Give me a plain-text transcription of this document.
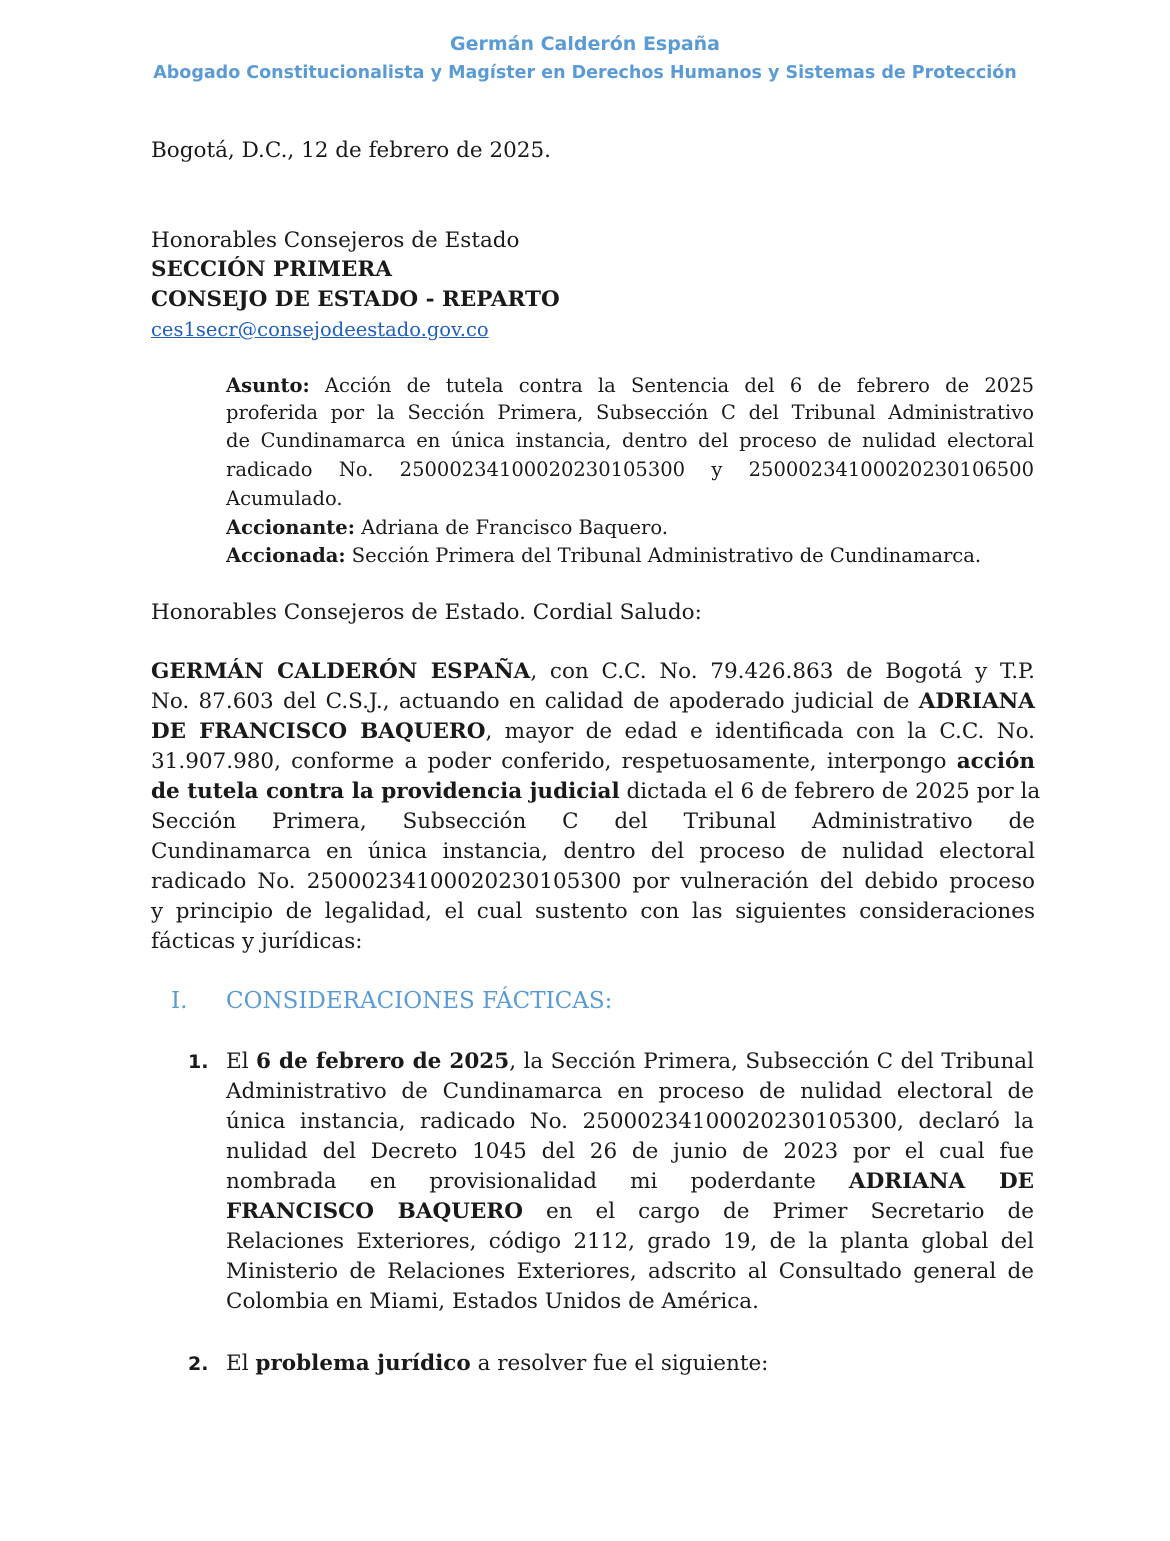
Germán Calderón España
Abogado Constitucionalista y Magíster en Derechos Humanos y Sistemas de Protección
Bogotá, D.C., 12 de febrero de 2025.
Honorables Consejeros de Estado
SECCIÓN PRIMERA
CONSEJO DE ESTADO - REPARTO
ces1secr@consejodeestado.gov.co
Asunto: Acción de tutela contra la Sentencia del 6 de febrero de 2025
proferida por la Sección Primera, Subsección C del Tribunal Administrativo
de Cundinamarca en única instancia, dentro del proceso de nulidad electoral
radicado No. 25000234100020230105300 y 25000234100020230106500
Acumulado.
Accionante: Adriana de Francisco Baquero.
Accionada: Sección Primera del Tribunal Administrativo de Cundinamarca.
Honorables Consejeros de Estado. Cordial Saludo:
GERMÁN CALDERÓN ESPAÑA, con C.C. No. 79.426.863 de Bogotá y T.P.
No. 87.603 del C.S.J., actuando en calidad de apoderado judicial de ADRIANA
DE FRANCISCO BAQUERO, mayor de edad e identificada con la C.C. No.
31.907.980, conforme a poder conferido, respetuosamente, interpongo acción
de tutela contra la providencia judicial dictada el 6 de febrero de 2025 por la
Sección Primera, Subsección C del Tribunal Administrativo de
Cundinamarca en única instancia, dentro del proceso de nulidad electoral
radicado No. 25000234100020230105300 por vulneración del debido proceso
y principio de legalidad, el cual sustento con las siguientes consideraciones
fácticas y jurídicas:
I. CONSIDERACIONES FÁCTICAS:
1. El 6 de febrero de 2025, la Sección Primera, Subsección C del Tribunal
Administrativo de Cundinamarca en proceso de nulidad electoral de
única instancia, radicado No. 25000234100020230105300, declaró la
nulidad del Decreto 1045 del 26 de junio de 2023 por el cual fue
nombrada en provisionalidad mi poderdante ADRIANA DE
FRANCISCO BAQUERO en el cargo de Primer Secretario de
Relaciones Exteriores, código 2112, grado 19, de la planta global del
Ministerio de Relaciones Exteriores, adscrito al Consultado general de
Colombia en Miami, Estados Unidos de América.
2. El problema jurídico a resolver fue el siguiente:
